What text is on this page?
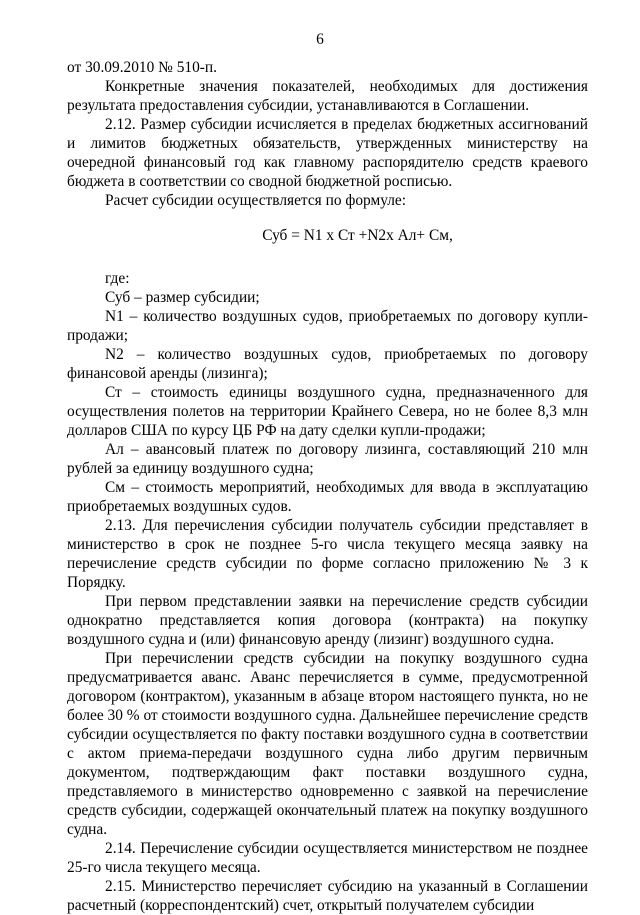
6

от 30.09.2010 № 510-п.

Конкретные значения показателей, необходимых для достижения результата предоставления субсидии, устанавливаются в Соглашении.

2.12. Размер субсидии исчисляется в пределах бюджетных ассигнований и лимитов бюджетных обязательств, утвержденных министерству на очередной финансовый год как главному распорядителю средств краевого бюджета в соответствии со сводной бюджетной росписью.

Расчет субсидии осуществляется по формуле:

Суб = N1 х Ст +N2х Ал+ См,

где:

Суб – размер субсидии;

N1 – количество воздушных судов, приобретаемых по договору купли-продажи;

N2 – количество воздушных судов, приобретаемых по договору финансовой аренды (лизинга);

Ст – стоимость единицы воздушного судна, предназначенного для осуществления полетов на территории Крайнего Севера, но не более 8,3 млн долларов США по курсу ЦБ РФ на дату сделки купли-продажи;

Ал – авансовый платеж по договору лизинга, составляющий 210 млн рублей за единицу воздушного судна;

См – стоимость мероприятий, необходимых для ввода в эксплуатацию приобретаемых воздушных судов.

2.13. Для перечисления субсидии получатель субсидии представляет в министерство в срок не позднее 5-го числа текущего месяца заявку на перечисление средств субсидии по форме согласно приложению № 3 к Порядку.

При первом представлении заявки на перечисление средств субсидии однократно представляется копия договора (контракта) на покупку воздушного судна и (или) финансовую аренду (лизинг) воздушного судна.

При перечислении средств субсидии на покупку воздушного судна предусматривается аванс. Аванс перечисляется в сумме, предусмотренной договором (контрактом), указанным в абзаце втором настоящего пункта, но не более 30 % от стоимости воздушного судна. Дальнейшее перечисление средств субсидии осуществляется по факту поставки воздушного судна в соответствии с актом приема-передачи воздушного судна либо другим первичным документом, подтверждающим факт поставки воздушного судна, представляемого в министерство одновременно с заявкой на перечисление средств субсидии, содержащей окончательный платеж на покупку воздушного судна.

2.14. Перечисление субсидии осуществляется министерством не позднее 25-го числа текущего месяца.

2.15. Министерство перечисляет субсидию на указанный в Соглашении расчетный (корреспондентский) счет, открытый получателем субсидии
